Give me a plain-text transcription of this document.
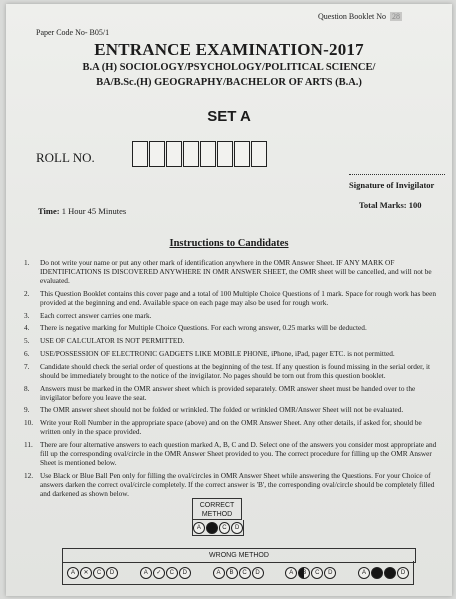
Question Booklet No 28
Paper Code No- B05/1
ENTRANCE EXAMINATION-2017
B.A (H) SOCIOLOGY/PSYCHOLOGY/POLITICAL SCIENCE/
BA/B.Sc.(H) GEOGRAPHY/BACHELOR OF ARTS (B.A.)
SET A
ROLL NO.
Signature of Invigilator
Time: 1 Hour 45 Minutes
Total Marks: 100
Instructions to Candidates
1.	Do not write your name or put any other mark of identification anywhere in the OMR Answer Sheet. IF ANY MARK OF IDENTIFICATIONS IS DISCOVERED ANYWHERE IN OMR ANSWER SHEET, the OMR sheet will be cancelled, and will not be evaluated.
2.	This Question Booklet contains this cover page and a total of 100 Multiple Choice Questions of 1 mark. Space for rough work has been provided at the beginning and end. Available space on each page may also be used for rough work.
3.	Each correct answer carries one mark.
4.	There is negative marking for Multiple Choice Questions. For each wrong answer, 0.25 marks will be deducted.
5.	USE OF CALCULATOR IS NOT PERMITTED.
6.	USE/POSSESSION OF ELECTRONIC GADGETS LIKE MOBILE PHONE, iPhone, iPad, pager ETC. is not permitted.
7.	Candidate should check the serial order of questions at the beginning of the test. If any question is found missing in the serial order, it should be immediately brought to the notice of the invigilator. No pages should be torn out from this question booklet.
8.	Answers must be marked in the OMR answer sheet which is provided separately. OMR answer sheet must be handed over to the invigilator before you leave the seat.
9.	The OMR answer sheet should not be folded or wrinkled. The folded or wrinkled OMR/Answer Sheet will not be evaluated.
10. Write your Roll Number in the appropriate space (above) and on the OMR Answer Sheet. Any other details, if asked for, should be written only in the space provided.
11. There are four alternative answers to each question marked A, B, C and D. Select one of the answers you consider most appropriate and fill up the corresponding oval/circle in the OMR Answer Sheet provided to you. The correct procedure for filling up the OMR Answer Sheet is mentioned below.
12. Use Black or Blue Ball Pen only for filling the oval/circles in OMR Answer Sheet while answering the Questions. For your Choice of answers darken the correct oval/circle completely. If the correct answer is 'B', the corresponding oval/circle should be completely filled and darkened as shown below.
CORRECT
METHOD
A	B	C	D
WRONG METHOD
A	✕	C	D	A	✓	C	D	A	B	C	D	A	B	C	D	A	●	●	D
